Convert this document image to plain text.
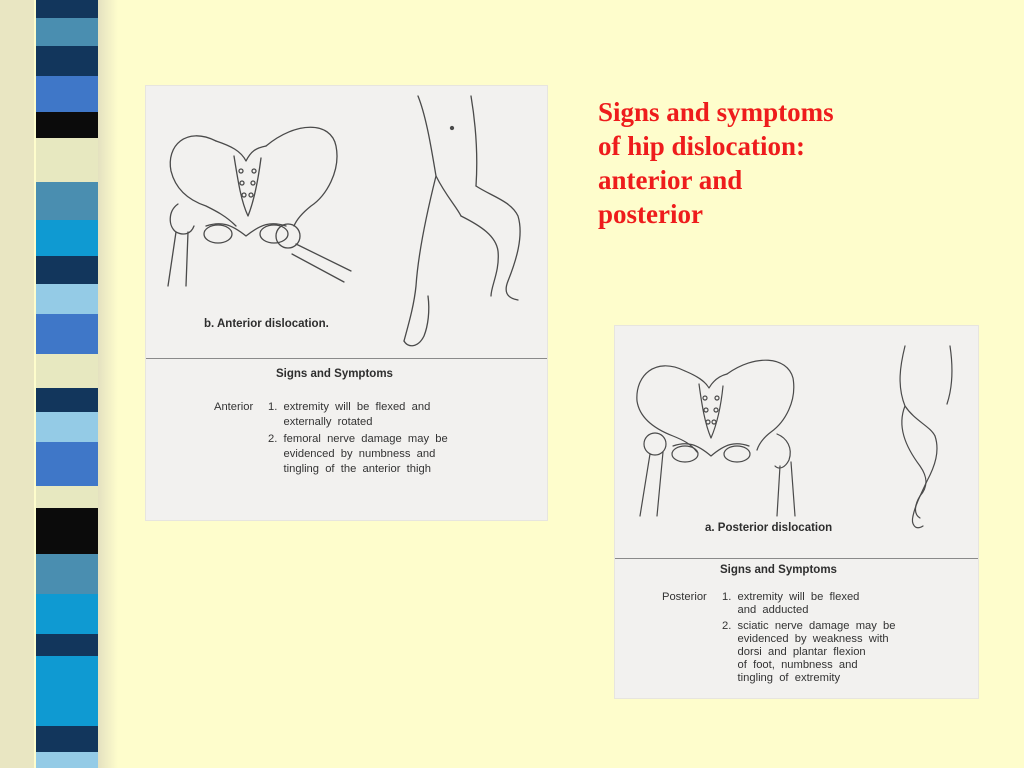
Signs and symptoms
of hip dislocation:
anterior and
posterior
b. Anterior dislocation.
Signs and Symptoms
Anterior 1.  extremity  will  be  flexed  and
externally  rotated
2.  femoral  nerve  damage  may  be
evidenced  by  numbness  and
tingling  of  the  anterior  thigh
a. Posterior dislocation
Signs and Symptoms
Posterior 1.  extremity  will  be  flexed
and  adducted
2.  sciatic  nerve  damage  may  be
evidenced  by  weakness  with
dorsi  and  plantar  flexion
of  foot,  numbness  and
tingling  of  extremity
